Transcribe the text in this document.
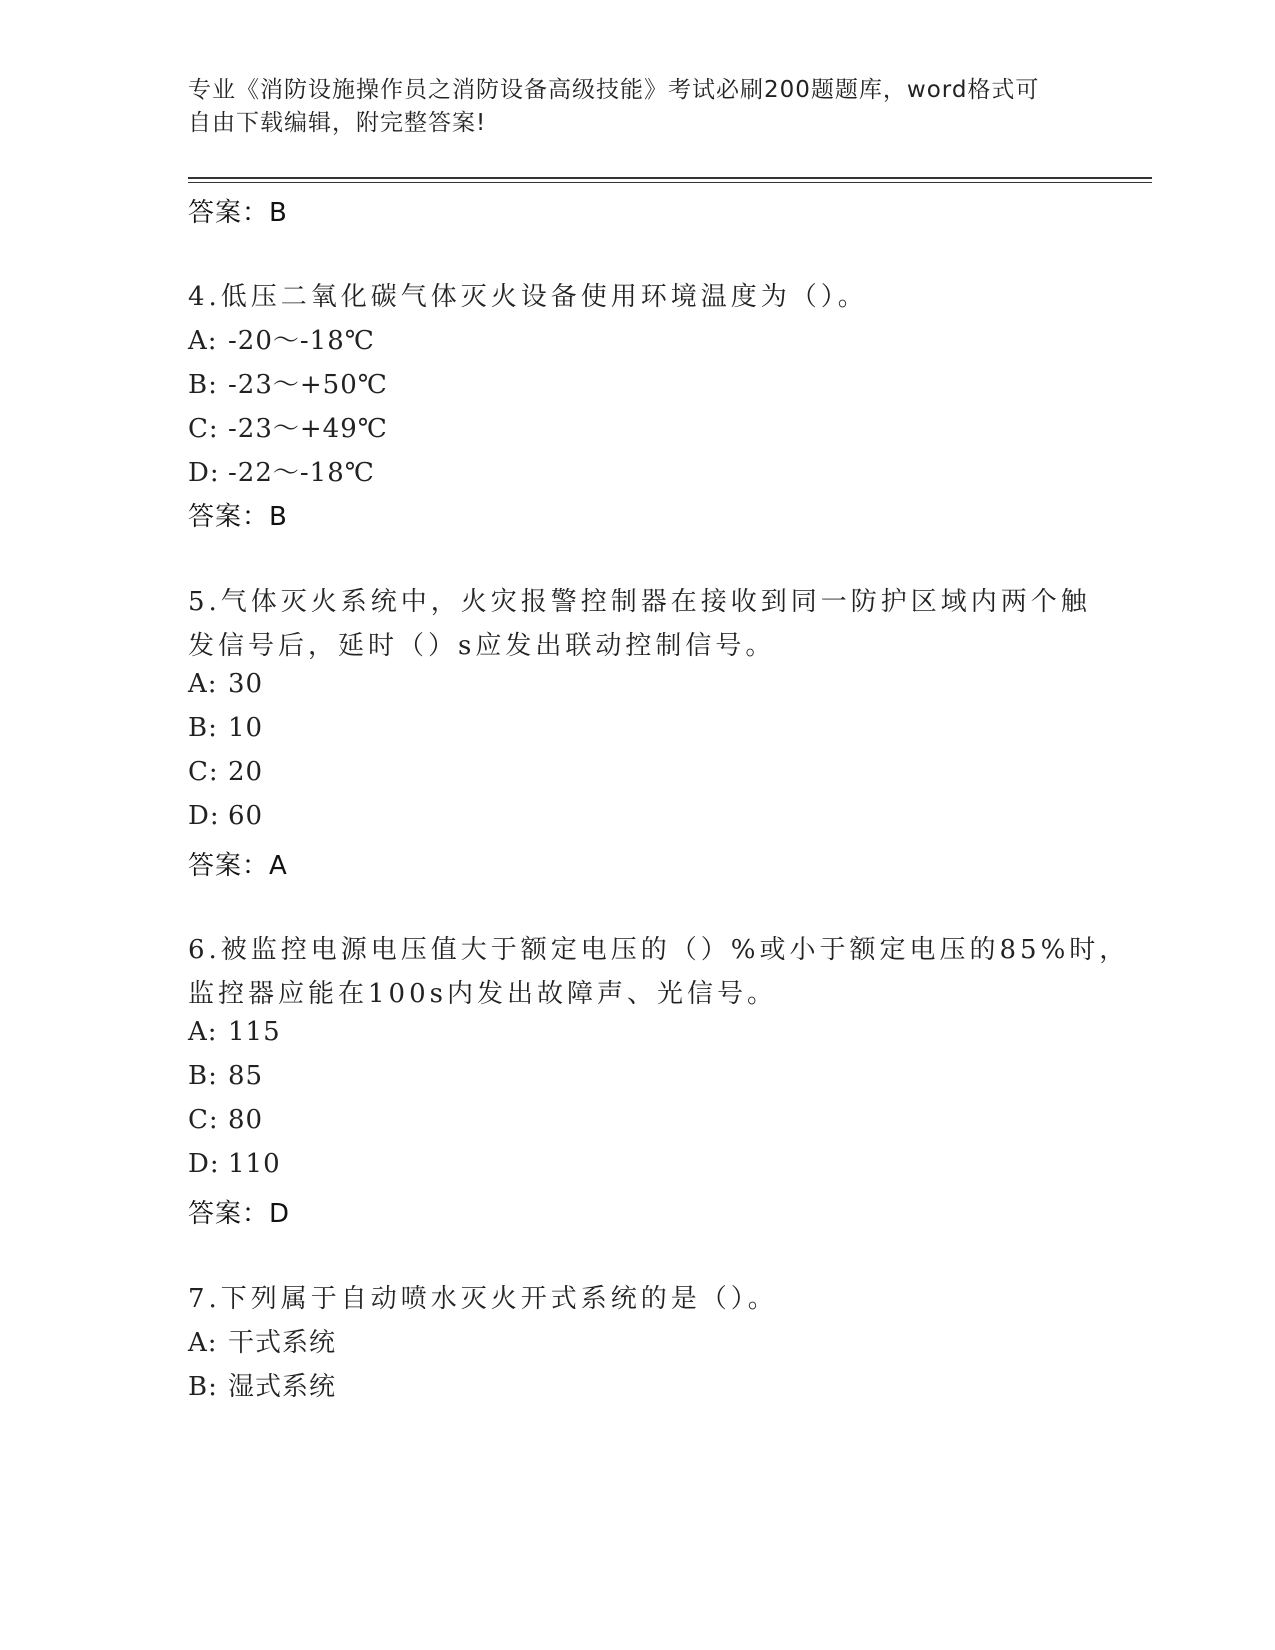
专业《消防设施操作员之消防设备高级技能》考试必刷200题题库，word格式可
自由下载编辑，附完整答案!
答案：B
4.低压二氧化碳气体灭火设备使用环境温度为（）。
A: -20～-18℃
B: -23～+50℃
C: -23～+49℃
D: -22～-18℃
答案：B
5.气体灭火系统中，火灾报警控制器在接收到同一防护区域内两个触
发信号后，延时（）s应发出联动控制信号。
A: 30
B: 10
C: 20
D: 60
答案：A
6.被监控电源电压值大于额定电压的（）%或小于额定电压的85%时，
监控器应能在100s内发出故障声、光信号。
A: 115
B: 85
C: 80
D: 110
答案：D
7.下列属于自动喷水灭火开式系统的是（）。
A: 干式系统
B: 湿式系统
